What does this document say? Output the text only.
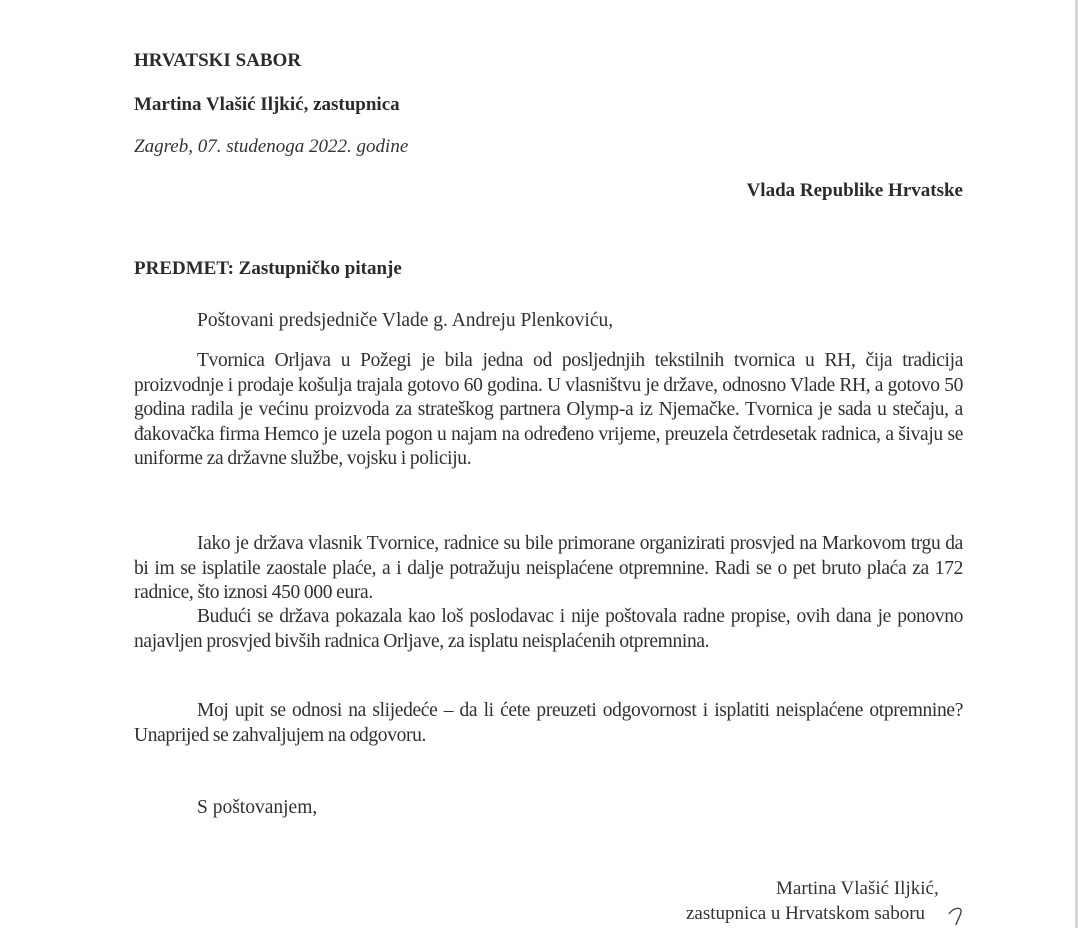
HRVATSKI SABOR
Martina Vlašić Iljkić, zastupnica
Zagreb, 07. studenoga 2022. godine
Vlada Republike Hrvatske
PREDMET: Zastupničko pitanje
Poštovani predsjedniče Vlade g. Andreju Plenkoviću,

Tvornica Orljava u Požegi je bila jedna od posljednjih tekstilnih tvornica u RH, čija tradicija proizvodnje i prodaje košulja trajala gotovo 60 godina. U vlasništvu je države, odnosno Vlade RH, a gotovo 50 godina radila je većinu proizvoda za strateškog partnera Olymp-a iz Njemačke. Tvornica je sada u stečaju, a đakovačka firma Hemco je uzela pogon u najam na određeno vrijeme, preuzela četrdesetak radnica, a šivaju se uniforme za državne službe, vojsku i policiju.

Iako je država vlasnik Tvornice, radnice su bile primorane organizirati prosvjed na Markovom trgu da bi im se isplatile zaostale plaće, a i dalje potražuju neisplaćene otpremnine. Radi se o pet bruto plaća za 172 radnice, što iznosi 450 000 eura.

Budući se država pokazala kao loš poslodavac i nije poštovala radne propise, ovih dana je ponovno najavljen prosvjed bivših radnica Orljave, za isplatu neisplaćenih otpremnina.

Moj upit se odnosi na slijedeće – da li ćete preuzeti odgovornost i isplatiti neisplaćene otpremnine? Unaprijed se zahvaljujem na odgovoru.

S poštovanjem,
Martina Vlašić Iljkić,
zastupnica u Hrvatskom saboru
